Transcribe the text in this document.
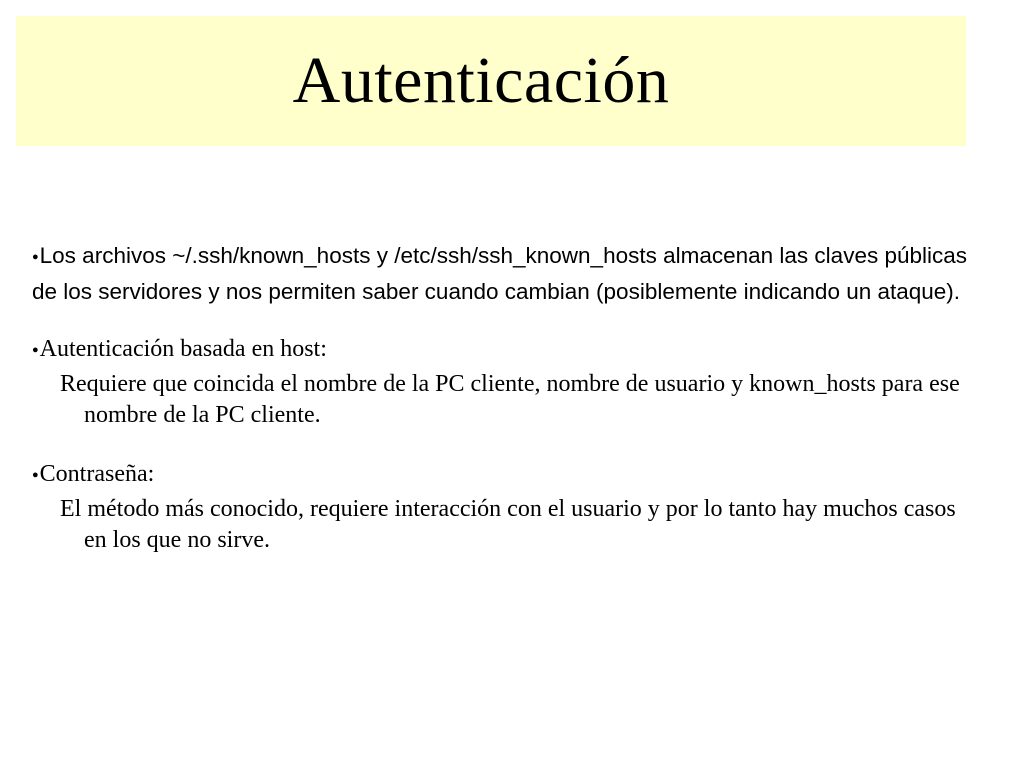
Autenticación

●Los archivos ~/.ssh/known_hosts y /etc/ssh/ssh_known_hosts almacenan las claves públicas de los servidores y nos permiten saber cuando cambian (posiblemente indicando un ataque).

●Autenticación basada en host:

Requiere que coincida el nombre de la PC cliente, nombre de usuario y known_hosts para ese nombre de la PC cliente.

●Contraseña:

El método más conocido, requiere interacción con el usuario y por lo tanto hay muchos casos en los que no sirve.
